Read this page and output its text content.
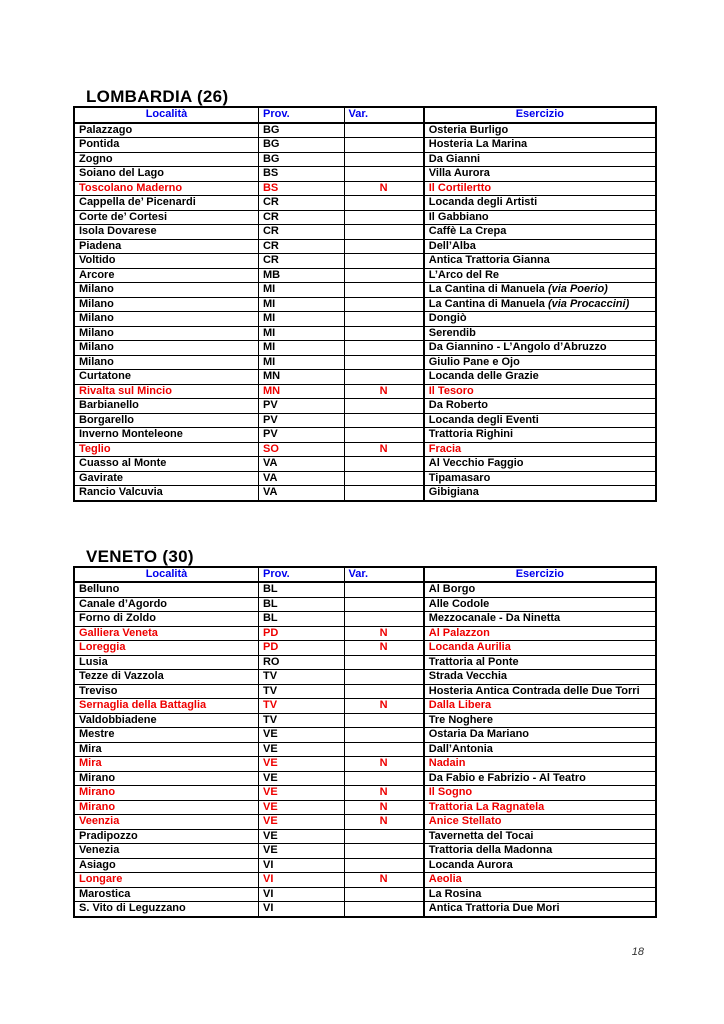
LOMBARDIA (26)
Località	Prov.	Var.	Esercizio
Palazzago	BG		Osteria Burligo
Pontida	BG		Hosteria La Marina
Zogno	BG		Da Gianni
Soiano del Lago	BS		Villa Aurora
Toscolano Maderno	BS	N	Il Cortilertto
Cappella de’ Picenardi	CR		Locanda degli Artisti
Corte de’ Cortesi	CR		Il Gabbiano
Isola Dovarese	CR		Caffè La Crepa
Piadena	CR		Dell’Alba
Voltido	CR		Antica Trattoria Gianna
Arcore	MB		L’Arco del Re
Milano	MI		La Cantina di Manuela (via Poerio)
Milano	MI		La Cantina di Manuela (via Procaccini)
Milano	MI		Dongiò
Milano	MI		Serendib
Milano	MI		Da Giannino - L’Angolo d’Abruzzo
Milano	MI		Giulio Pane e Ojo
Curtatone	MN		Locanda delle Grazie
Rivalta sul Mincio	MN	N	Il Tesoro
Barbianello	PV		Da Roberto
Borgarello	PV		Locanda degli Eventi
Inverno Monteleone	PV		Trattoria Righini
Teglio	SO	N	Fracia
Cuasso al Monte	VA		Al Vecchio Faggio
Gavirate	VA		Tipamasaro
Rancio Valcuvia	VA		Gibigiana
VENETO (30)
Località	Prov.	Var.	Esercizio
Belluno	BL		Al Borgo
Canale d’Agordo	BL		Alle Codole
Forno di Zoldo	BL		Mezzocanale - Da Ninetta
Galliera Veneta	PD	N	Al Palazzon
Loreggia	PD	N	Locanda Aurilia
Lusia	RO		Trattoria al Ponte
Tezze di Vazzola	TV		Strada Vecchia
Treviso	TV		Hosteria Antica Contrada delle Due Torri
Sernaglia della Battaglia	TV	N	Dalla Libera
Valdobbiadene	TV		Tre Noghere
Mestre	VE		Ostaria Da Mariano
Mira	VE		Dall’Antonia
Mira	VE	N	Nadain
Mirano	VE		Da Fabio e Fabrizio - Al Teatro
Mirano	VE	N	Il Sogno
Mirano	VE	N	Trattoria La Ragnatela
Veenzia	VE	N	Anice Stellato
Pradipozzo	VE		Tavernetta del Tocai
Venezia	VE		Trattoria della Madonna
Asiago	VI		Locanda Aurora
Longare	VI	N	Aeolia
Marostica	VI		La Rosina
S. Vito di Leguzzano	VI		Antica Trattoria Due Mori
18
